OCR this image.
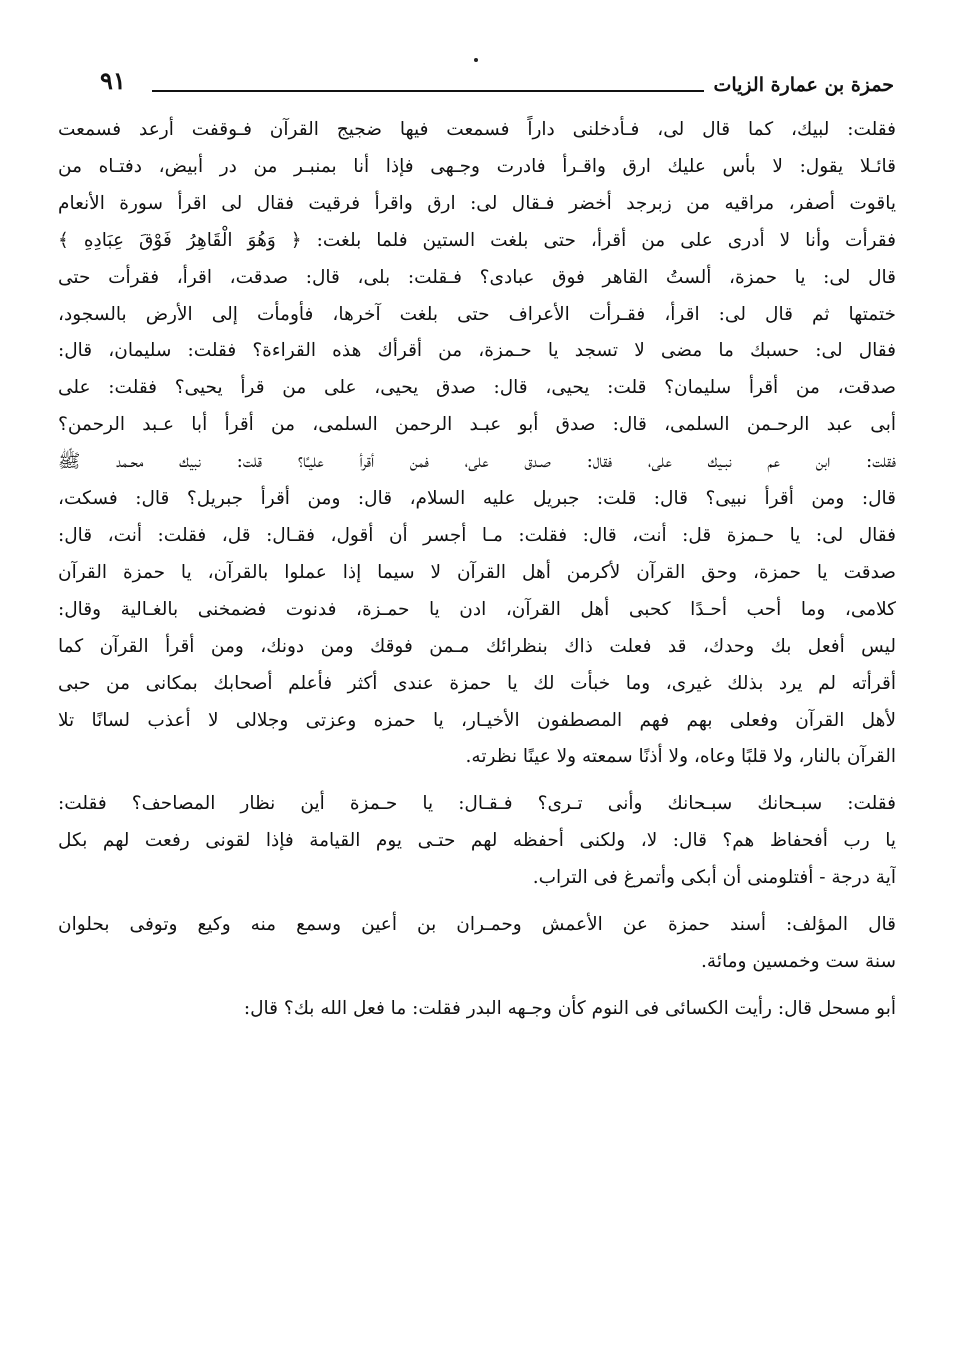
حمزة بن عمارة الزيات
٩١

فقلت: لبيك، كما قال لى، فـأدخلنى داراً فسمعت فيها ضجيج القرآن فـوقفت أرعد فسمعت
قائـلا يقول: لا بأس عليك ارق واقـرأ فادرت وجـهى فإذا أنا بمنبـر من در أبيض، دفتـاه من
ياقوت أصفر، مراقيه من زبرجد أخضر فـقال لى: ارق واقرأ فرقيت فقال لى اقرأ سورة الأنعام
فقرأت وأنا لا أدرى على من أقرأ، حتى بلغت الستين فلما بلغت: ﴿ وَهُوَ الْقَاهِرُ فَوْقَ عِبَادِهِ ﴾
قال لى: يا حمزة، ألستُ القاهر فوق عبادى؟ فـقلت: بلى، قال: صدقت، اقرأ، فقرأت حتى
ختمتها ثم قال لى: اقرأ، فقـرأت الأعراف حتى بلغت آخرها، فأومأت إلى الأرض بالسجود،
فقال لى: حسبك ما مضى لا تسجد يا حـمزة، من أقرأك هذه القراءة؟ فقلت: سليمان، قال:
صدقت، من أقرأ سليمان؟ قلت: يحيى، قال: صدق يحيى، على من قرأ يحيى؟ فقلت: على
أبى عبد الرحـمن السلمى، قال: صدق أبو عبـد الرحمن السلمى، من أقرأ أبا عـبد الرحمن؟
فقلت: ابن عم نبـيك على، فقال: صـدق على، فمن أقرأ عليـًا؟ قلت: نبيك محـمد ﷺ
قال: ومن أقرأ نبيى؟ قال: قلت: جبريل عليه السلام، قال: ومن أقرأ جبريل؟ قال: فسكت،
فقال لى: يا حـمزة قل: أنت، قال: فقلت: مـا أجسر أن أقول، فقـال: قل، فقلت: أنت، قال:
صدقت يا حمزة، وحق القرآن لأكرمن أهل القرآن لا سيما إذا عملوا بالقرآن، يا حمزة القرآن
كلامى، وما أحب أحـدًا كحبى أهل القرآن، ادن يا حمـزة، فدنوت فضمخنى بالغـالية وقال:
ليس أفعل بك وحدك، قد فعلت ذاك بنظرائك مـمن فوقك ومن دونك، ومن أقرأ القرآن كما
أقرأته لم يرد بذلك غيرى، وما خبأت لك يا حمزة عندى أكثر فأعلم أصحابك بمكانى من حبى
لأهل القرآن وفعلى بهم فهم المصطفون الأخيـار، يا حمزه وعزتى وجلالى لا أعذب لسانًا تلا
القرآن بالنار، ولا قلبًا وعاه، ولا أذنًا سمعته ولا عينًا نظرته.

فقلت: سبـحانك سبـحانك وأنى تـرى؟ فـقـال: يا حـمزة أين نظار المصاحف؟ فقلت:
يا رب أفحفاظ هم؟ قال: لا، ولكنى أحفظه لهم حتـى يوم القيامة فإذا لقونى رفعت لهم بكل
آية درجة - أفتلومنى أن أبكى وأتمرغ فى التراب.

قال المؤلف: أسند حمزة عن الأعمش وحمـران بن أعين وسمع منه وكيع وتوفى بحلوان
سنة ست وخمسين ومائة.

أبو مسحل قال: رأيت الكسائى فى النوم كأن وجـهه البدر فقلت: ما فعل الله بك؟ قال:
